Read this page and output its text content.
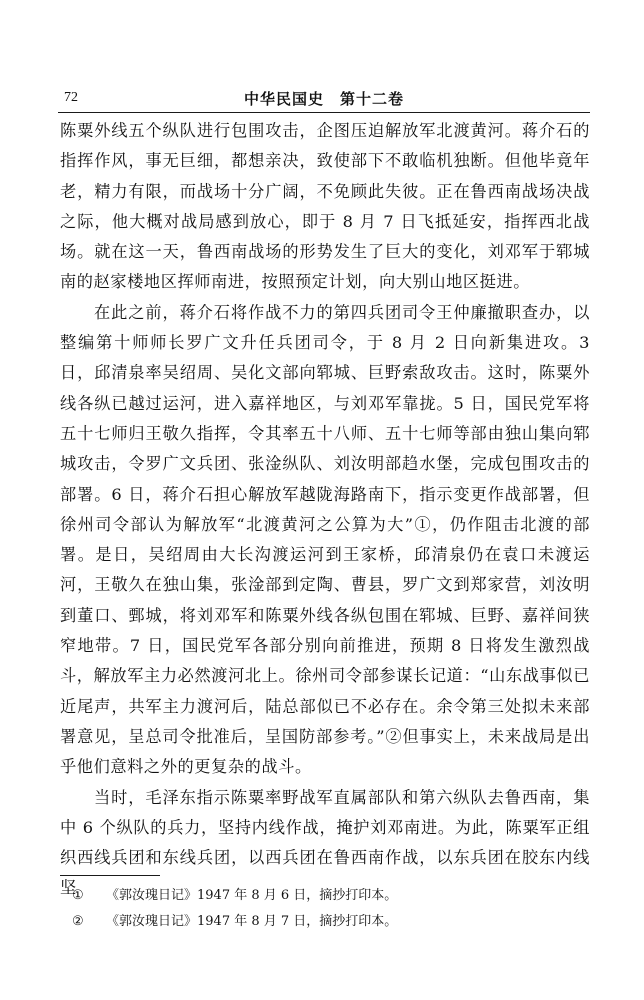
72	中华民国史　第十二卷

陈粟外线五个纵队进行包围攻击，企图压迫解放军北渡黄河。蒋介石的指挥作风，事无巨细，都想亲决，致使部下不敢临机独断。但他毕竟年老，精力有限，而战场十分广阔，不免顾此失彼。正在鲁西南战场决战之际，他大概对战局感到放心，即于 8 月 7 日飞抵延安，指挥西北战场。就在这一天，鲁西南战场的形势发生了巨大的变化，刘邓军于郓城南的赵家楼地区挥师南进，按照预定计划，向大别山地区挺进。

在此之前，蒋介石将作战不力的第四兵团司令王仲廉撤职查办，以整编第十师师长罗广文升任兵团司令，于 8 月 2 日向新集进攻。3 日，邱清泉率吴绍周、吴化文部向郓城、巨野索敌攻击。这时，陈粟外线各纵已越过运河，进入嘉祥地区，与刘邓军靠拢。5 日，国民党军将五十七师归王敬久指挥，令其率五十八师、五十七师等部由独山集向郓城攻击，令罗广文兵团、张淦纵队、刘汝明部趋水堡，完成包围攻击的部署。6 日，蒋介石担心解放军越陇海路南下，指示变更作战部署，但徐州司令部认为解放军“北渡黄河之公算为大”①，仍作阻击北渡的部署。是日，吴绍周由大长沟渡运河到王家桥，邱清泉仍在袁口未渡运河，王敬久在独山集，张淦部到定陶、曹县，罗广文到郑家营，刘汝明到董口、鄄城，将刘邓军和陈粟外线各纵包围在郓城、巨野、嘉祥间狭窄地带。7 日，国民党军各部分别向前推进，预期 8 日将发生激烈战斗，解放军主力必然渡河北上。徐州司令部参谋长记道：“山东战事似已近尾声，共军主力渡河后，陆总部似已不必存在。余令第三处拟未来部署意见，呈总司令批准后，呈国防部参考。”②但事实上，未来战局是出乎他们意料之外的更复杂的战斗。

当时，毛泽东指示陈粟率野战军直属部队和第六纵队去鲁西南，集中 6 个纵队的兵力，坚持内线作战，掩护刘邓南进。为此，陈粟军正组织西线兵团和东线兵团，以西兵团在鲁西南作战，以东兵团在胶东内线坚

① 《郭汝瑰日记》1947 年 8 月 6 日，摘抄打印本。
② 《郭汝瑰日记》1947 年 8 月 7 日，摘抄打印本。
